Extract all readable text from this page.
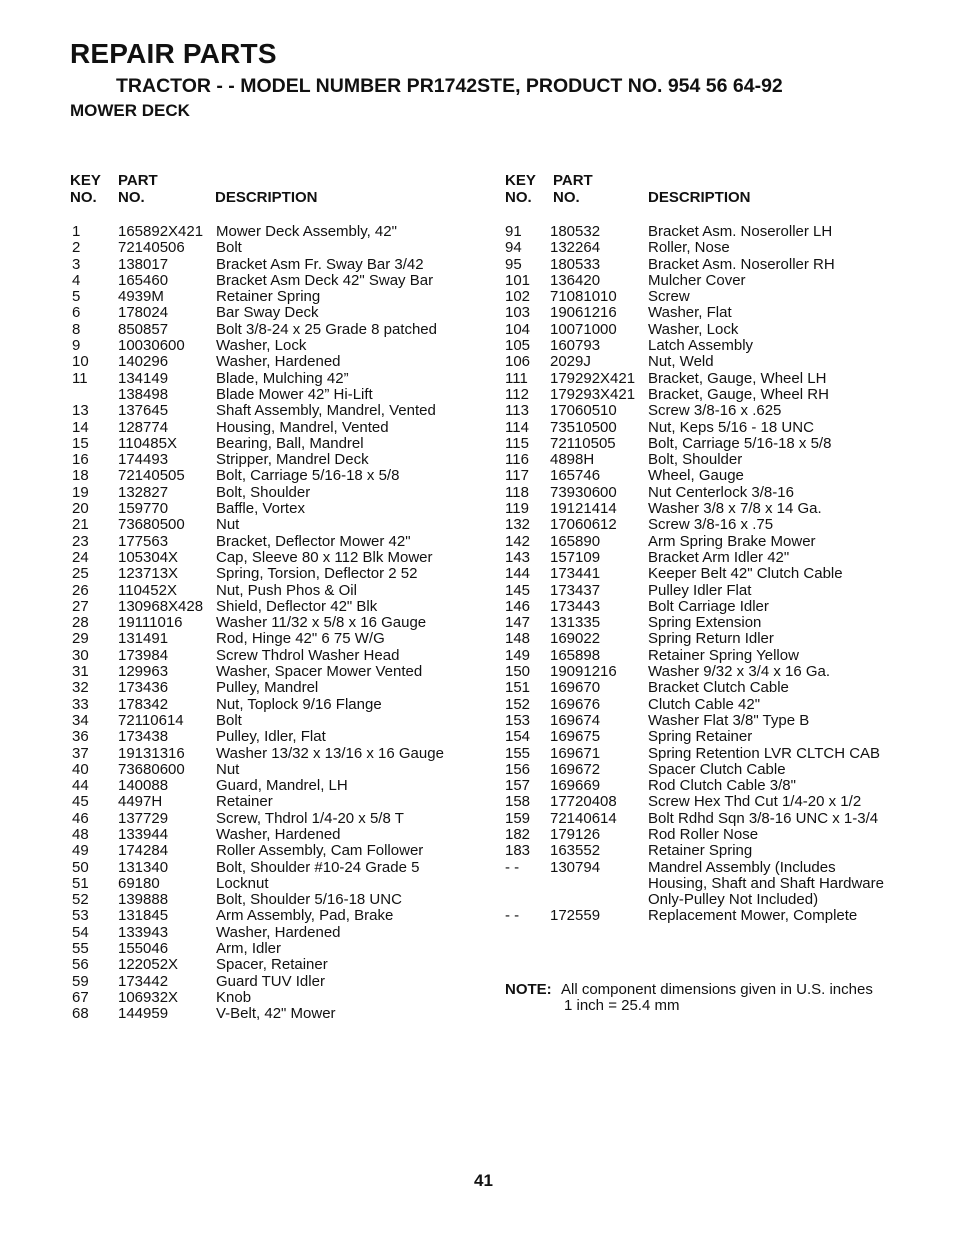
REPAIR PARTS
TRACTOR - - MODEL NUMBER PR1742STE, PRODUCT NO. 954 56 64-92
MOWER DECK
KEY
NO.
PART
NO.	DESCRIPTION
KEY
NO.
PART
NO.	DESCRIPTION
1	165892X421 Mower Deck Assembly, 42"
2	72140506 Bolt
3	138017	Bracket Asm Fr. Sway Bar 3/42
4	165460	Bracket Asm Deck 42" Sway Bar
5	4939M	Retainer Spring
6	178024	Bar Sway Deck
8	850857	Bolt 3/8-24 x 25 Grade 8 patched
9	10030600 Washer, Lock
10 140296	Washer, Hardened
11 134149	Blade, Mulching 42”
138498	Blade Mower 42” Hi-Lift
13 137645	Shaft Assembly, Mandrel, Vented
14 128774	Housing, Mandrel, Vented
15 110485X	Bearing, Ball, Mandrel
16 174493	Stripper, Mandrel Deck
18 72140505 Bolt, Carriage 5/16-18 x 5/8
19 132827	Bolt, Shoulder
20 159770	Baffle, Vortex
21 73680500 Nut
23 177563	Bracket, Deflector Mower 42"
24 105304X	Cap, Sleeve 80 x 112 Blk Mower
25 123713X	Spring, Torsion, Deflector 2 52
26 110452X	Nut, Push Phos & Oil
27 130968X428 Shield, Deflector 42" Blk
28 19111016 Washer 11/32 x 5/8 x 16 Gauge
29 131491	Rod, Hinge 42" 6 75 W/G
30 173984	Screw Thdrol Washer Head
31 129963	Washer, Spacer Mower Vented
32 173436	Pulley, Mandrel
33 178342	Nut, Toplock 9/16 Flange
34 72110614 Bolt
36 173438	Pulley, Idler, Flat
37 19131316 Washer 13/32 x 13/16 x 16 Gauge
40 73680600 Nut
44 140088	Guard, Mandrel, LH
45 4497H	Retainer
46 137729	Screw, Thdrol 1/4-20 x 5/8 T
48 133944	Washer, Hardened
49 174284	Roller Assembly, Cam Follower
50 131340	Bolt, Shoulder #10-24 Grade 5
51 69180	Locknut
52 139888	Bolt, Shoulder 5/16-18 UNC
53 131845	Arm Assembly, Pad, Brake
54 133943	Washer, Hardened
55 155046	Arm, Idler
56 122052X	Spacer, Retainer
59 173442	Guard TUV Idler
67 106932X	Knob
68 144959	V-Belt, 42" Mower
91 180532	Bracket Asm. Noseroller LH
94 132264	Roller, Nose
95 180533	Bracket Asm. Noseroller RH
101 136420	Mulcher Cover
102 71081010 Screw
103 19061216 Washer, Flat
104 10071000 Washer, Lock
105 160793	Latch Assembly
106 2029J	Nut, Weld
111 179292X421 Bracket, Gauge, Wheel LH
112 179293X421 Bracket, Gauge, Wheel RH
113 17060510 Screw 3/8-16 x .625
114 73510500 Nut, Keps 5/16 - 18 UNC
115 72110505 Bolt, Carriage 5/16-18 x 5/8
116 4898H	Bolt, Shoulder
117 165746	Wheel, Gauge
118 73930600 Nut Centerlock 3/8-16
119 19121414 Washer 3/8 x 7/8 x 14 Ga.
132 17060612 Screw 3/8-16 x .75
142 165890	Arm Spring Brake Mower
143 157109	Bracket Arm Idler 42"
144 173441	Keeper Belt 42" Clutch Cable
145 173437	Pulley Idler Flat
146 173443	Bolt Carriage Idler
147 131335	Spring Extension
148 169022	Spring Return Idler
149 165898	Retainer Spring Yellow
150 19091216 Washer 9/32 x 3/4 x 16 Ga.
151 169670	Bracket Clutch Cable
152 169676	Clutch Cable 42"
153 169674	Washer Flat 3/8" Type B
154 169675	Spring Retainer
155 169671	Spring Retention LVR CLTCH CAB
156 169672	Spacer Clutch Cable
157 169669	Rod Clutch Cable 3/8"
158 17720408 Screw Hex Thd Cut 1/4-20 x 1/2
159 72140614 Bolt Rdhd Sqn 3/8-16 UNC x 1-3/4
182 179126	Rod Roller Nose
183 163552	Retainer Spring
- - 130794	Mandrel Assembly (Includes
Housing, Shaft and Shaft Hardware
Only-Pulley Not Included)
- - 172559	Replacement Mower, Complete
NOTE: All component dimensions given in U.S. inches
1 inch = 25.4 mm
41
